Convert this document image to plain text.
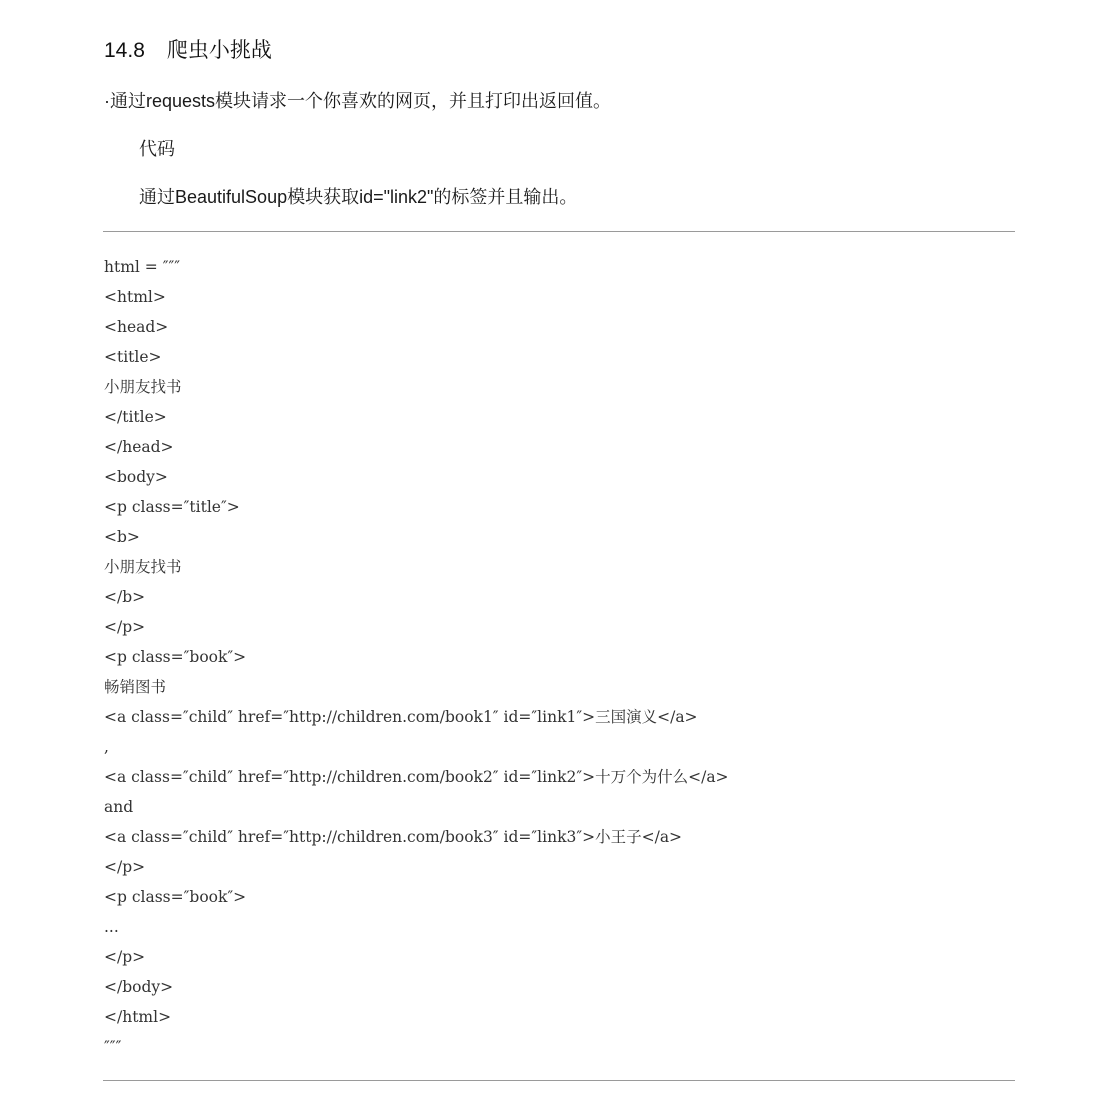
14.8 爬虫小挑战
·通过requests模块请求一个你喜欢的网页，并且打印出返回值。
代码
通过BeautifulSoup模块获取id="link2"的标签并且输出。
html = ″″″
<html>
<head>
<title>
小朋友找书
</title>
</head>
<body>
<p class=″title″>
<b>
小朋友找书
</b>
</p>
<p class=″book″>
畅销图书
<a class=″child″ href=″http://children.com/book1″ id=″link1″>三国演义</a>
,
<a class=″child″ href=″http://children.com/book2″ id=″link2″>十万个为什么</a>
and
<a class=″child″ href=″http://children.com/book3″ id=″link3″>小王子</a>
</p>
<p class=″book″>
...
</p>
</body>
</html>
″″″
